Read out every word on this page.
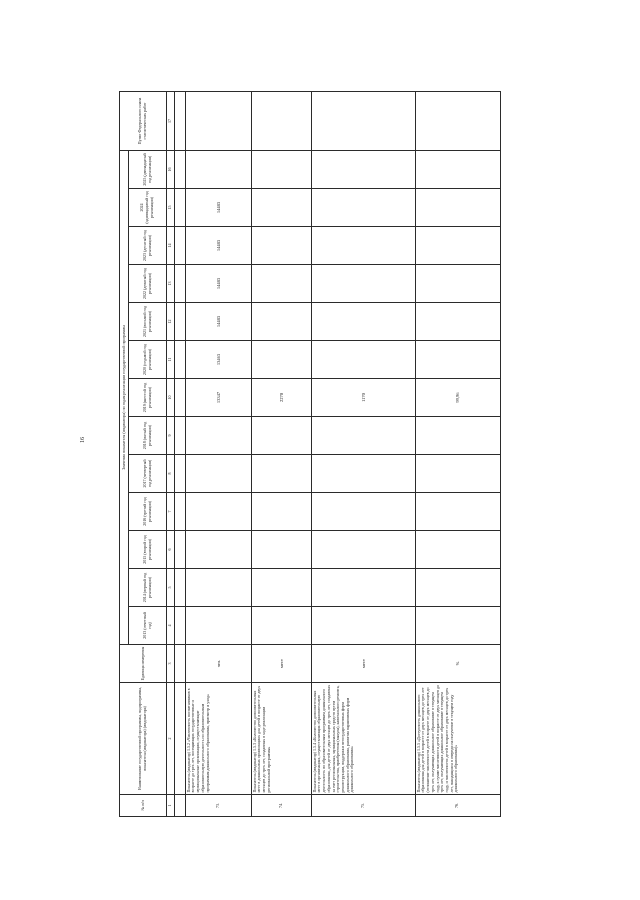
16
№ п/п	Наименование государственной программы, подпрограммы, показателя (индикатора) (индикатора)	Единица измерения	Значения показателя (индикатора) по годам реализации государственной программы													Пункт Федерального плана статистических работ
			2013 (отчетный год)	2014 (первый год реализации)	2015 (второй год реализации)	2016 (третий год реализации)	2017 (четвертый год реализации)	2018 (пятый год реализации)	2019 (шестой год реализации)	2020 (седьмой год реализации)	2021 (восьмой год реализации)	2022 (девятый год реализации)	2023 (десятый год реализации)	2024 (одиннадцатый год реализации)	2025 (двенадцатый год реализации)	
1	2	3	4	5	6	7	8	9	10	11	12	13	14	15	16	17

73.	Показатель (индикатор) 1.5.2 «Численность воспитанников в возрасте до трех лет, посещающих государственные и муниципальные организации, осуществляющие образовательную деятельность по образовательным программам дошкольного образования, присмотр и уход»	чел.							13347	13463	14483	14483	14483	14483		
74.	Показатель (индикатор) 1.5.3 «Количество дополнительных мест в дошкольных организациях для детей в возрасте от двух месяцев до трех лет, созданных в ходе реализации региональной программы»	мест							2270							
75.	Показатель (индикатор) 1.5.4 «Количество дополнительных мест в организациях, осуществляющих образовательную деятельность по образовательным программам дошкольного образования, для детей от двух месяцев до трех лет, созданных за счет региональных, муниципальных средств путем строительства, приобретения (выкупа), капитального ремонта, реконструкции, поддержки негосударственных форм дошкольного образования, развития вариативных форм дошкольного образования»	мест							1170							
76.	Показатель (индикатор) 1.5.5 «Доступность дошкольного образования для детей в возрасте от двух месяцев до трех лет (отношение численности детей в возрасте от двух месяцев до трех лет, получающих дошкольное образование в текущем году, к сумме численности детей в возрасте от двух месяцев до трех лет, получающих дошкольное образование в текущем году, и численности детей в возрасте от двух месяцев до трех лет, находящихся в очереди на получение в текущем году дошкольного образования)»	%							99,96							
